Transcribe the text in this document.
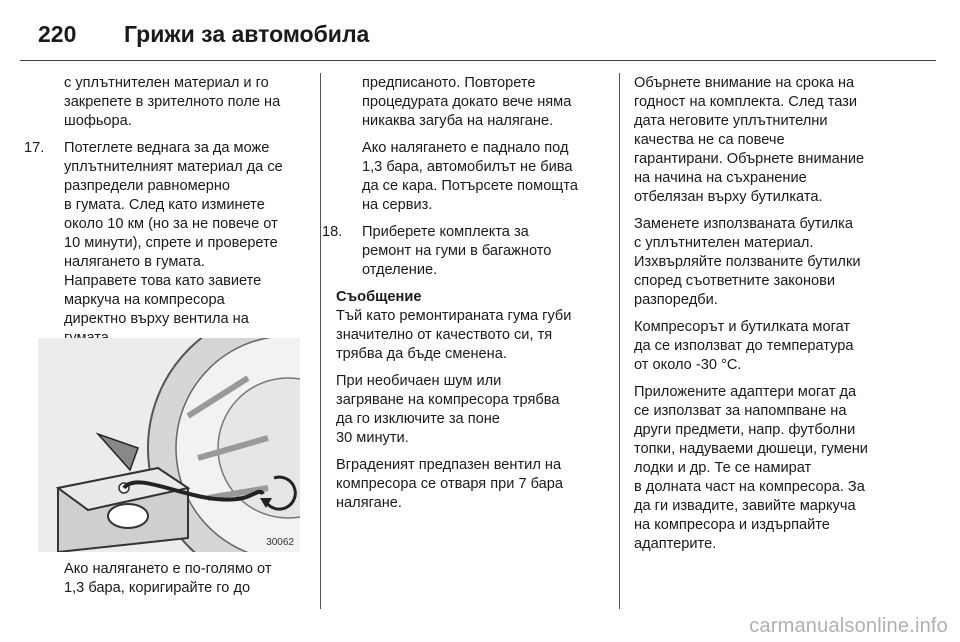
220	Грижи за автомобила

с уплътнителен материал и го
закрепете в зрителното поле на
шофьора.

17. Потеглете веднага за да може
уплътнителният материал да се
разпредели равномерно
в гумата. След като изминете
около 10 км (но за не повече от
10 минути), спрете и проверете
налягането в гумата.
Направете това като завиете
маркуча на компресора
директно върху вентила на

30062
Ако налягането е по-голямо от
1,3 бара, коригирайте го до

предписаното. Повторете
процедурата докато вече няма
никаква загуба на налягане.

Ако налягането е паднало под
1,3 бара, автомобилът не бива
да се кара. Потърсете помощта
на сервиз.

18. Приберете комплекта за
ремонт на гуми в багажното
отделение.

Съобщение

Тъй като ремонтираната гума губи
значително от качеството си, тя
трябва да бъде сменена.

При необичаен шум или
загряване на компресора трябва
да го изключите за поне
30 минути.

Вграденият предпазен вентил на
компресора се отваря при 7 бара
налягане.

Обърнете внимание на срока на
годност на комплекта. След тази
дата неговите уплътнителни
качества не са повече
гарантирани. Обърнете внимание
на начина на съхранение
отбелязан върху бутилката.

Заменете използваната бутилка
с уплътнителен материал.
Изхвърляйте ползваните бутилки
според съответните законови
разпоредби.

Компресорът и бутилката могат
да се използват до температура
от около -30 °C.

Приложените адаптери могат да
се използват за напомпване на
други предмети, напр. футболни
топки, надуваеми дюшеци, гумени
лодки и др. Те се намират
в долната част на компресора. За
да ги извадите, завийте маркуча
на компресора и издърпайте
адаптерите.

carmanualsonline.info
